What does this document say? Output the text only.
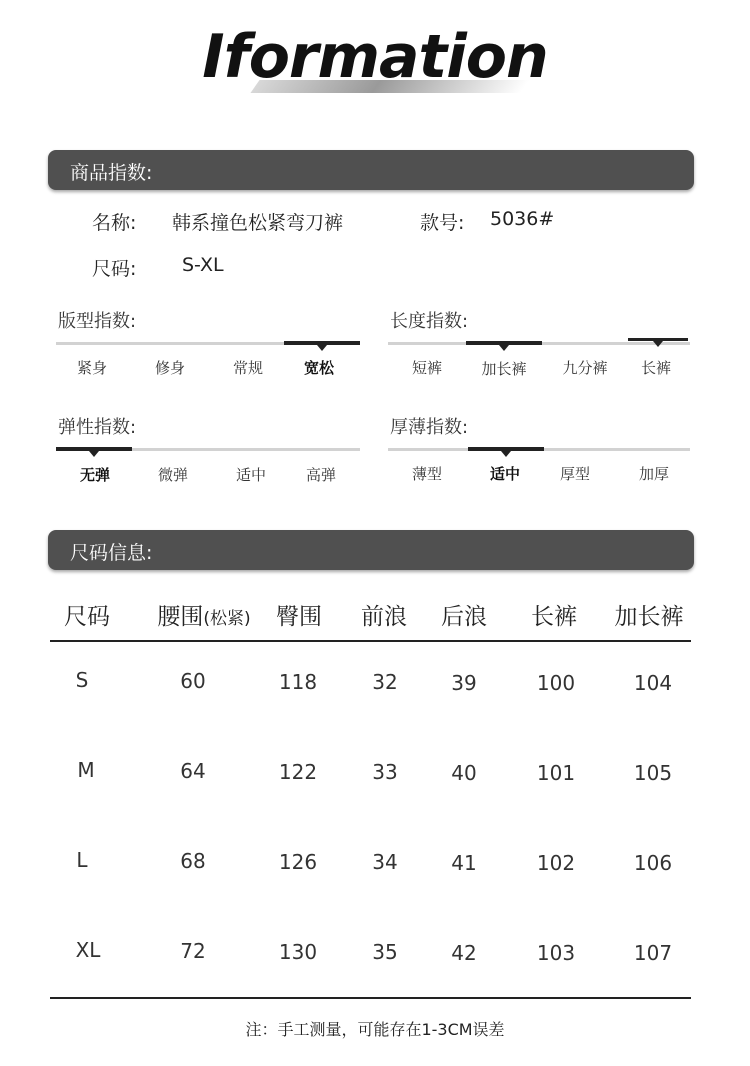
Iformation
商品指数:
名称: 韩系撞色松紧弯刀裤	款号: 5036#
尺码: S-XL
版型指数:
紧身	修身	常规	宽松
长度指数:
短裤	加长裤	九分裤	长裤
弹性指数:
无弹	微弹	适中	高弹
厚薄指数:
薄型	适中	厚型	加厚
尺码信息:
尺码	腰围(松紧)	臀围	前浪	后浪	长裤	加长裤
S	60	118	32	39	100	104
M	64	122	33	40	101	105
L	68	126	34	41	102	106
XL	72	130	35	42	103	107
注：手工测量，可能存在1-3CM误差
